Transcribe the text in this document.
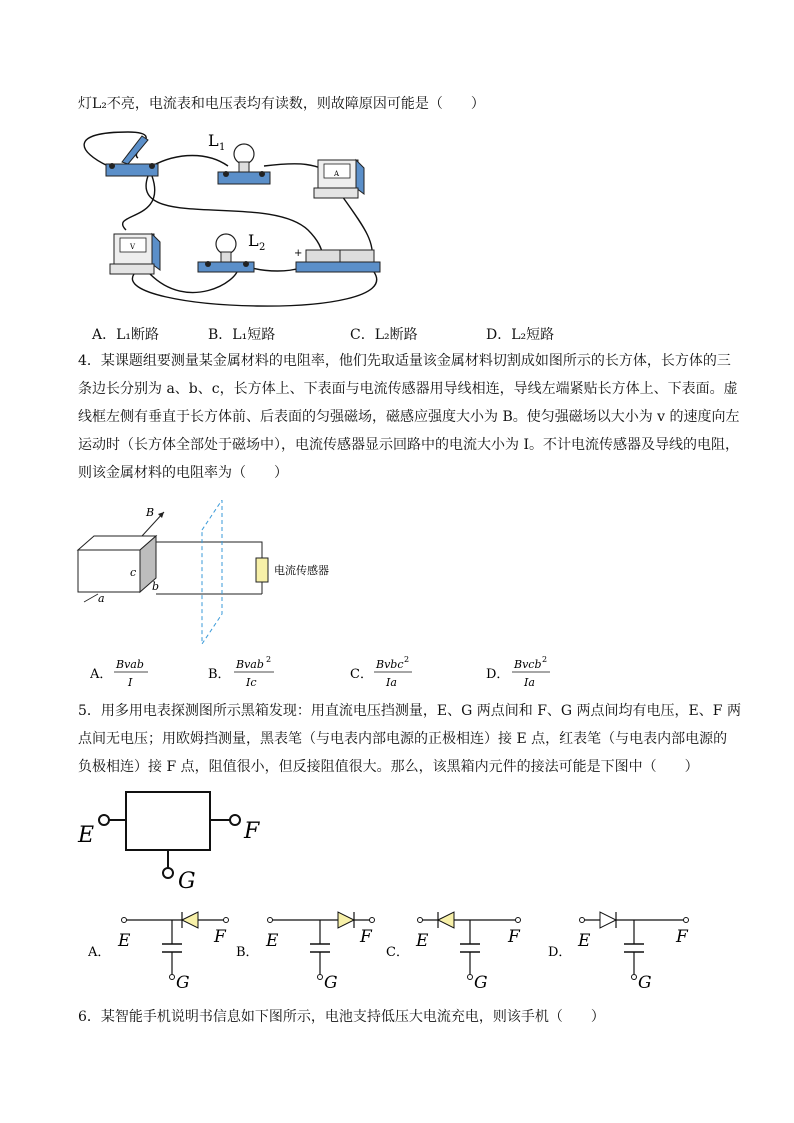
灯L₂不亮，电流表和电压表均有读数，则故障原因可能是（　　）
L 1
A
V	L 2
+
A．L₁断路	B．L₁短路	C．L₂断路	D．L₂短路
4．某课题组要测量某金属材料的电阻率，他们先取适量该金属材料切割成如图所示的长方体，长方体的三
条边长分别为 a、b、c，长方体上、下表面与电流传感器用导线相连，导线左端紧贴长方体上、下表面。虚
线框左侧有垂直于长方体前、后表面的匀强磁场，磁感应强度大小为 B。使匀强磁场以大小为 v 的速度向左
运动时（长方体全部处于磁场中），电流传感器显示回路中的电流大小为 I。不计电流传感器及导线的电阻，
则该金属材料的电阻率为（　　）
B
c
b
a
电流传感器
A．
Bvab
I
B．
Bvab 2
Ic
C．
Bvbc 2
Ia
D．
Bvcb 2
Ia
5．用多用电表探测图所示黑箱发现：用直流电压挡测量，E、G 两点间和 F、G 两点间均有电压，E、F 两
点间无电压；用欧姆挡测量，黑表笔（与电表内部电源的正极相连）接 E 点，红表笔（与电表内部电源的
负极相连）接 F 点，阻值很小，但反接阻值很大。那么，该黑箱内元件的接法可能是下图中（　　）
E	F
G
A．
E	F
G
B．
E	F
G
C．
E	F
G
D．
E	F
G
6．某智能手机说明书信息如下图所示，电池支持低压大电流充电，则该手机（　　）
